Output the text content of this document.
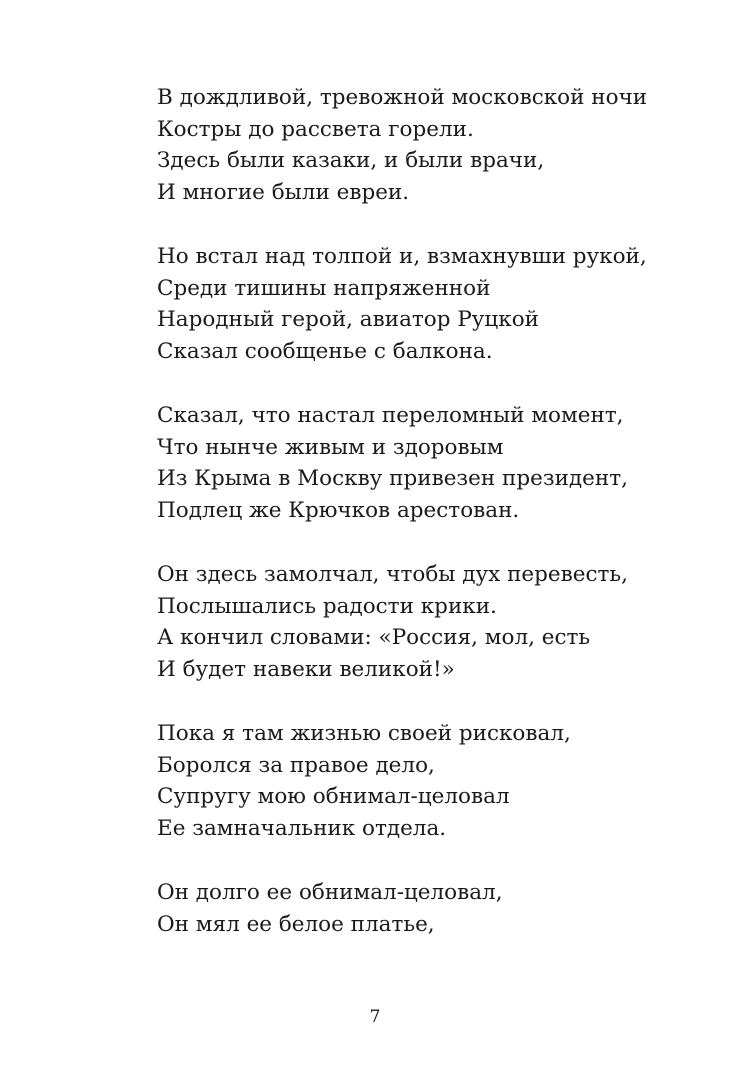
В дождливой, тревожной московской ночи
Костры до рассвета горели.
Здесь были казаки, и были врачи,
И многие были евреи.
Но встал над толпой и, взмахнувши рукой,
Среди тишины напряженной
Народный герой, авиатор Руцкой
Сказал сообщенье с балкона.
Сказал, что настал переломный момент,
Что нынче живым и здоровым
Из Крыма в Москву привезен президент,
Подлец же Крючков арестован.
Он здесь замолчал, чтобы дух перевесть,
Послышались радости крики.
А кончил словами: «Россия, мол, есть
И будет навеки великой!»
Пока я там жизнью своей рисковал,
Боролся за правое дело,
Супругу мою обнимал-целовал
Ее замначальник отдела.
Он долго ее обнимал-целовал,
Он мял ее белое платье,
7
